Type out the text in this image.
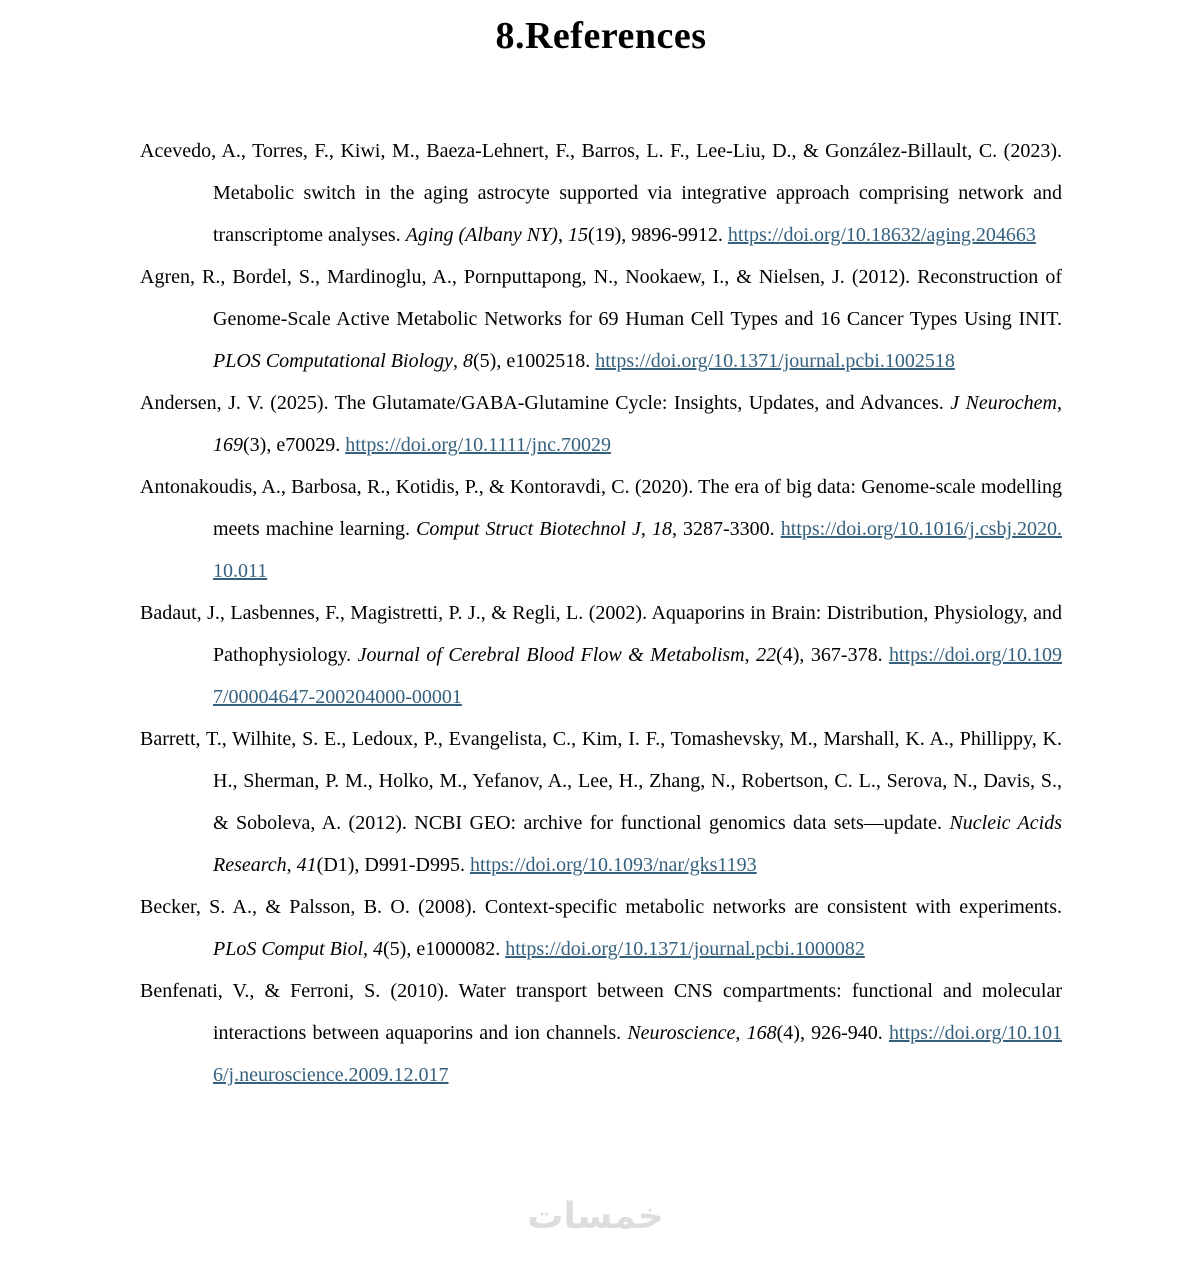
8.References

Acevedo, A., Torres, F., Kiwi, M., Baeza-Lehnert, F., Barros, L. F., Lee-Liu, D., & González-Billault, C. (2023). Metabolic switch in the aging astrocyte supported via integrative approach comprising network and transcriptome analyses. Aging (Albany NY), 15(19), 9896-9912. https://doi.org/10.18632/aging.204663

Agren, R., Bordel, S., Mardinoglu, A., Pornputtapong, N., Nookaew, I., & Nielsen, J. (2012). Reconstruction of Genome-Scale Active Metabolic Networks for 69 Human Cell Types and 16 Cancer Types Using INIT. PLOS Computational Biology, 8(5), e1002518. https://doi.org/10.1371/journal.pcbi.1002518

Andersen, J. V. (2025). The Glutamate/GABA-Glutamine Cycle: Insights, Updates, and Advances. J Neurochem, 169(3), e70029. https://doi.org/10.1111/jnc.70029

Antonakoudis, A., Barbosa, R., Kotidis, P., & Kontoravdi, C. (2020). The era of big data: Genome-scale modelling meets machine learning. Comput Struct Biotechnol J, 18, 3287-3300. https://doi.org/10.1016/j.csbj.2020.10.011

Badaut, J., Lasbennes, F., Magistretti, P. J., & Regli, L. (2002). Aquaporins in Brain: Distribution, Physiology, and Pathophysiology. Journal of Cerebral Blood Flow & Metabolism, 22(4), 367-378. https://doi.org/10.1097/00004647-200204000-00001

Barrett, T., Wilhite, S. E., Ledoux, P., Evangelista, C., Kim, I. F., Tomashevsky, M., Marshall, K. A., Phillippy, K. H., Sherman, P. M., Holko, M., Yefanov, A., Lee, H., Zhang, N., Robertson, C. L., Serova, N., Davis, S., & Soboleva, A. (2012). NCBI GEO: archive for functional genomics data sets—update. Nucleic Acids Research, 41(D1), D991-D995. https://doi.org/10.1093/nar/gks1193

Becker, S. A., & Palsson, B. O. (2008). Context-specific metabolic networks are consistent with experiments. PLoS Comput Biol, 4(5), e1000082. https://doi.org/10.1371/journal.pcbi.1000082

Benfenati, V., & Ferroni, S. (2010). Water transport between CNS compartments: functional and molecular interactions between aquaporins and ion channels. Neuroscience, 168(4), 926-940. https://doi.org/10.1016/j.neuroscience.2009.12.017

خمسات
